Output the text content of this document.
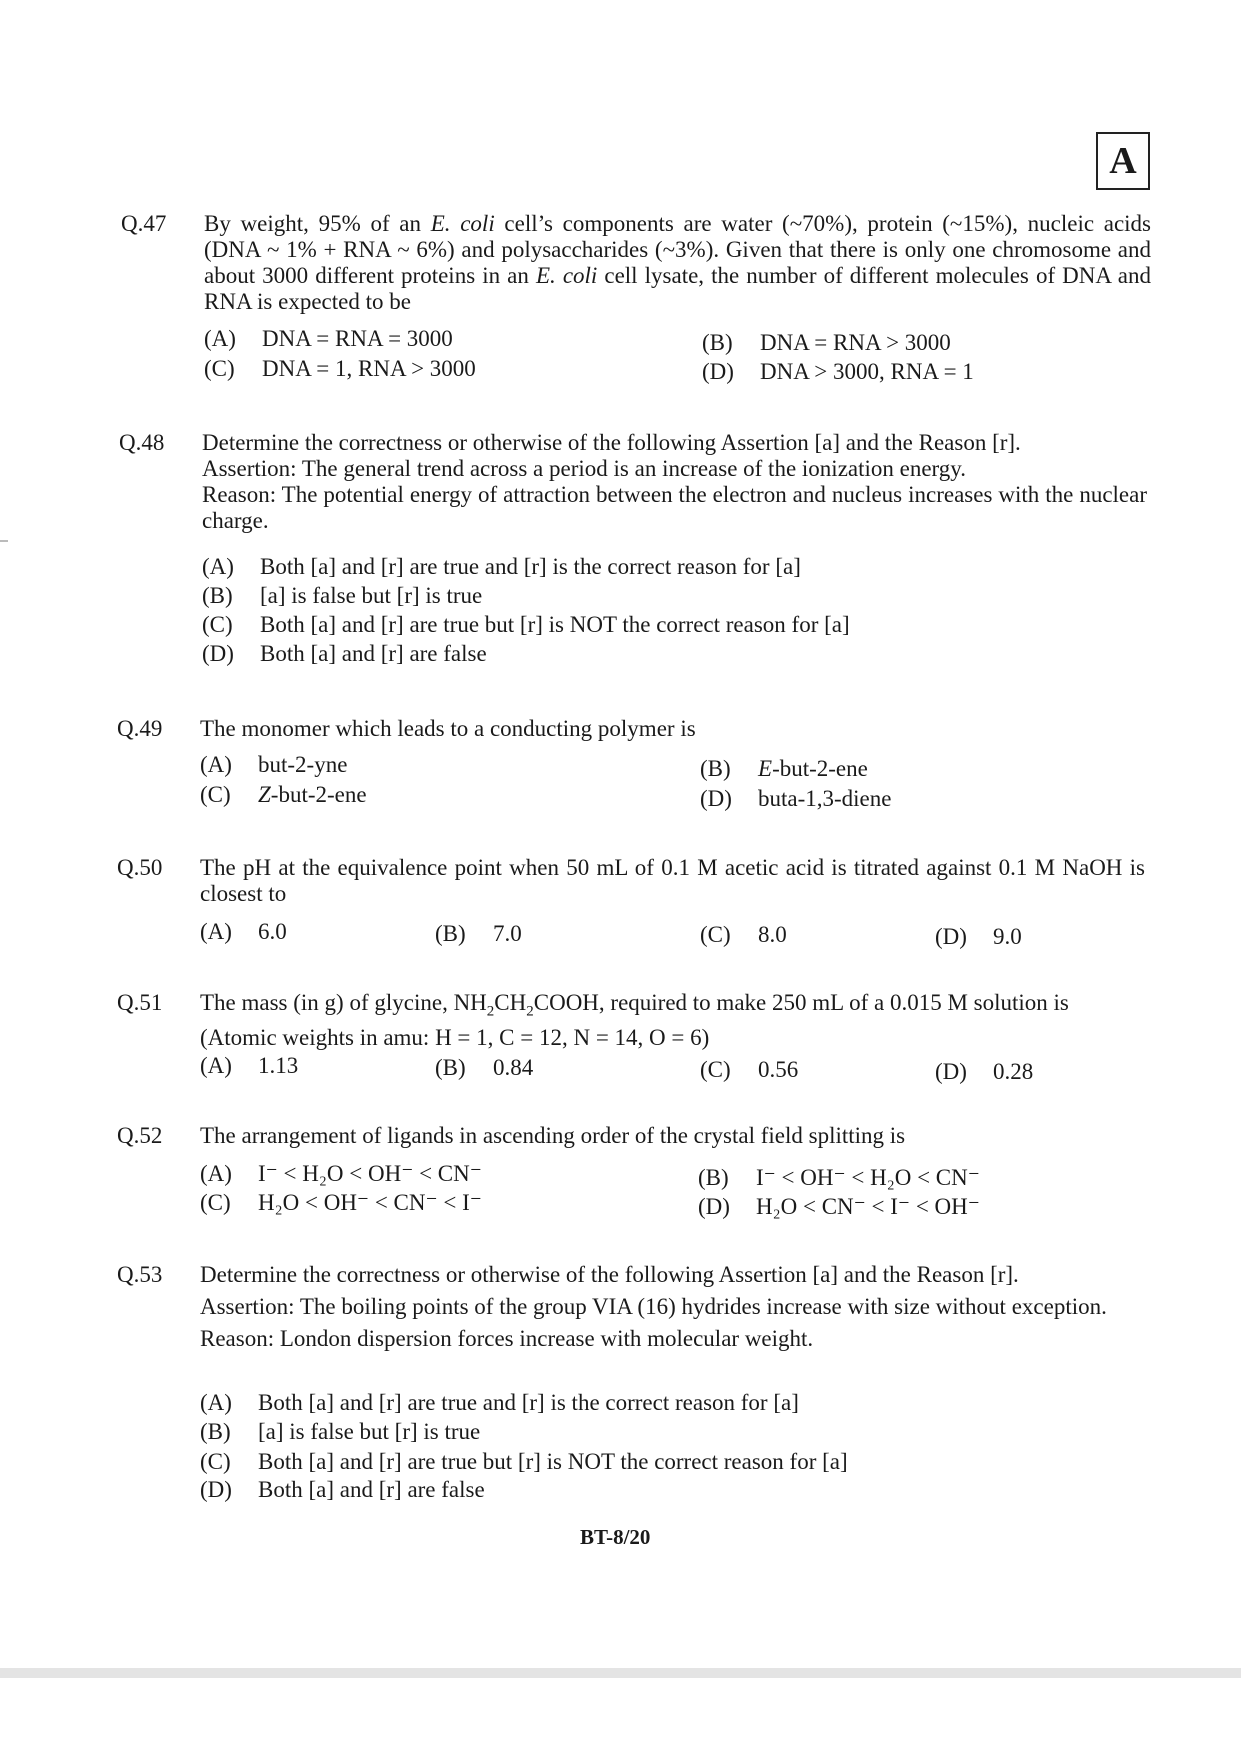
A
Q.47 By weight, 95% of an E. coli cell’s components are water (~70%), protein (~15%), nucleic acids (DNA ~ 1% + RNA ~ 6%) and polysaccharides (~3%). Given that there is only one chromosome and about 3000 different proteins in an E. coli cell lysate, the number of different molecules of DNA and RNA is expected to be

(A) DNA = RNA = 3000	(B) DNA = RNA > 3000
(C) DNA = 1, RNA > 3000	(D) DNA > 3000, RNA = 1
Q.48 Determine the correctness or otherwise of the following Assertion [a] and the Reason [r].

Assertion: The general trend across a period is an increase of the ionization energy.

Reason: The potential energy of attraction between the electron and nucleus increases with the nuclear charge.

(A) Both [a] and [r] are true and [r] is the correct reason for [a]
(B) [a] is false but [r] is true
(C) Both [a] and [r] are true but [r] is NOT the correct reason for [a]
(D) Both [a] and [r] are false
Q.49 The monomer which leads to a conducting polymer is

(A) but-2-yne	(B) E-but-2-ene
(C) Z-but-2-ene	(D) buta-1,3-diene
Q.50 The pH at the equivalence point when 50 mL of 0.1 M acetic acid is titrated against 0.1 M NaOH is closest to

(A) 6.0	(B) 7.0	(C) 8.0	(D) 9.0
Q.51 The mass (in g) of glycine, $NH_2CH_2COOH$, required to make 250 mL of a 0.015 M solution is

(Atomic weights in amu: H = 1, C = 12, N = 14, O = 6)

(A) 1.13	(B) 0.84	(C) 0.56	(D) 0.28
Q.52 The arrangement of ligands in ascending order of the crystal field splitting is

(A) I⁻ < H₂O < OH⁻ < CN⁻	(B) I⁻ < OH⁻ < H₂O < CN⁻
(C) H₂O < OH⁻ < CN⁻ < I⁻	(D) H₂O < CN⁻ < I⁻ < OH⁻
Q.53 Determine the correctness or otherwise of the following Assertion [a] and the Reason [r].

Assertion: The boiling points of the group VIA (16) hydrides increase with size without exception.

Reason: London dispersion forces increase with molecular weight.

(A) Both [a] and [r] are true and [r] is the correct reason for [a]
(B) [a] is false but [r] is true
(C) Both [a] and [r] are true but [r] is NOT the correct reason for [a]
(D) Both [a] and [r] are false
BT-8/20
